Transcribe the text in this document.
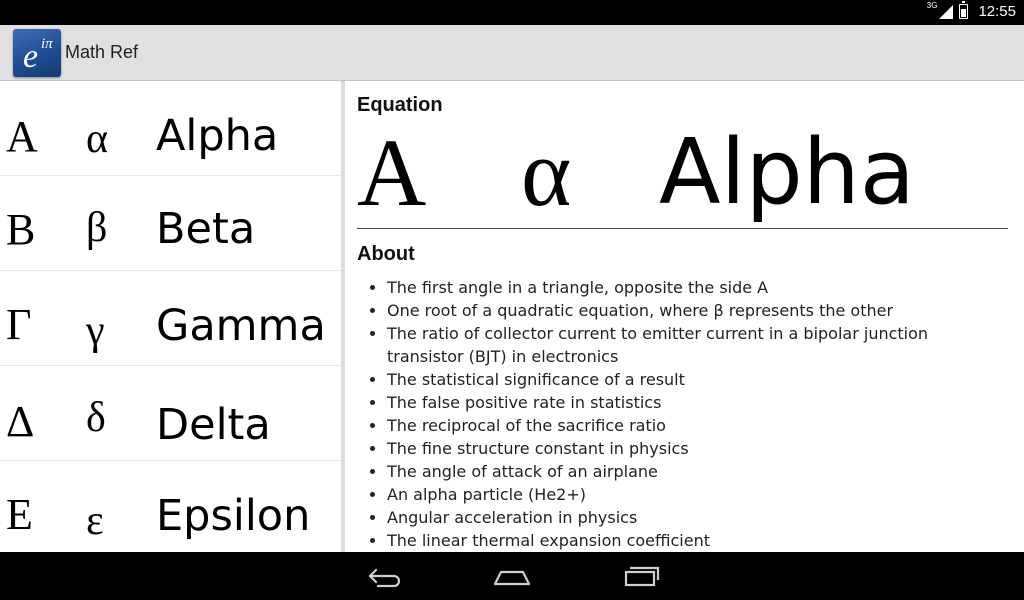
3G	12:55
e iπ Math Ref
Α α Alpha
Β β Beta
Γ γ Gamma
Δ δ Delta
Ε ε Epsilon
Equation
Α α Alpha
About
• The first angle in a triangle, opposite the side A
• One root of a quadratic equation, where β represents the other
• The ratio of collector current to emitter current in a bipolar junction transistor (BJT) in electronics
• The statistical significance of a result
• The false positive rate in statistics
• The reciprocal of the sacrifice ratio
• The fine structure constant in physics
• The angle of attack of an airplane
• An alpha particle (He2+)
• Angular acceleration in physics
• The linear thermal expansion coefficient
